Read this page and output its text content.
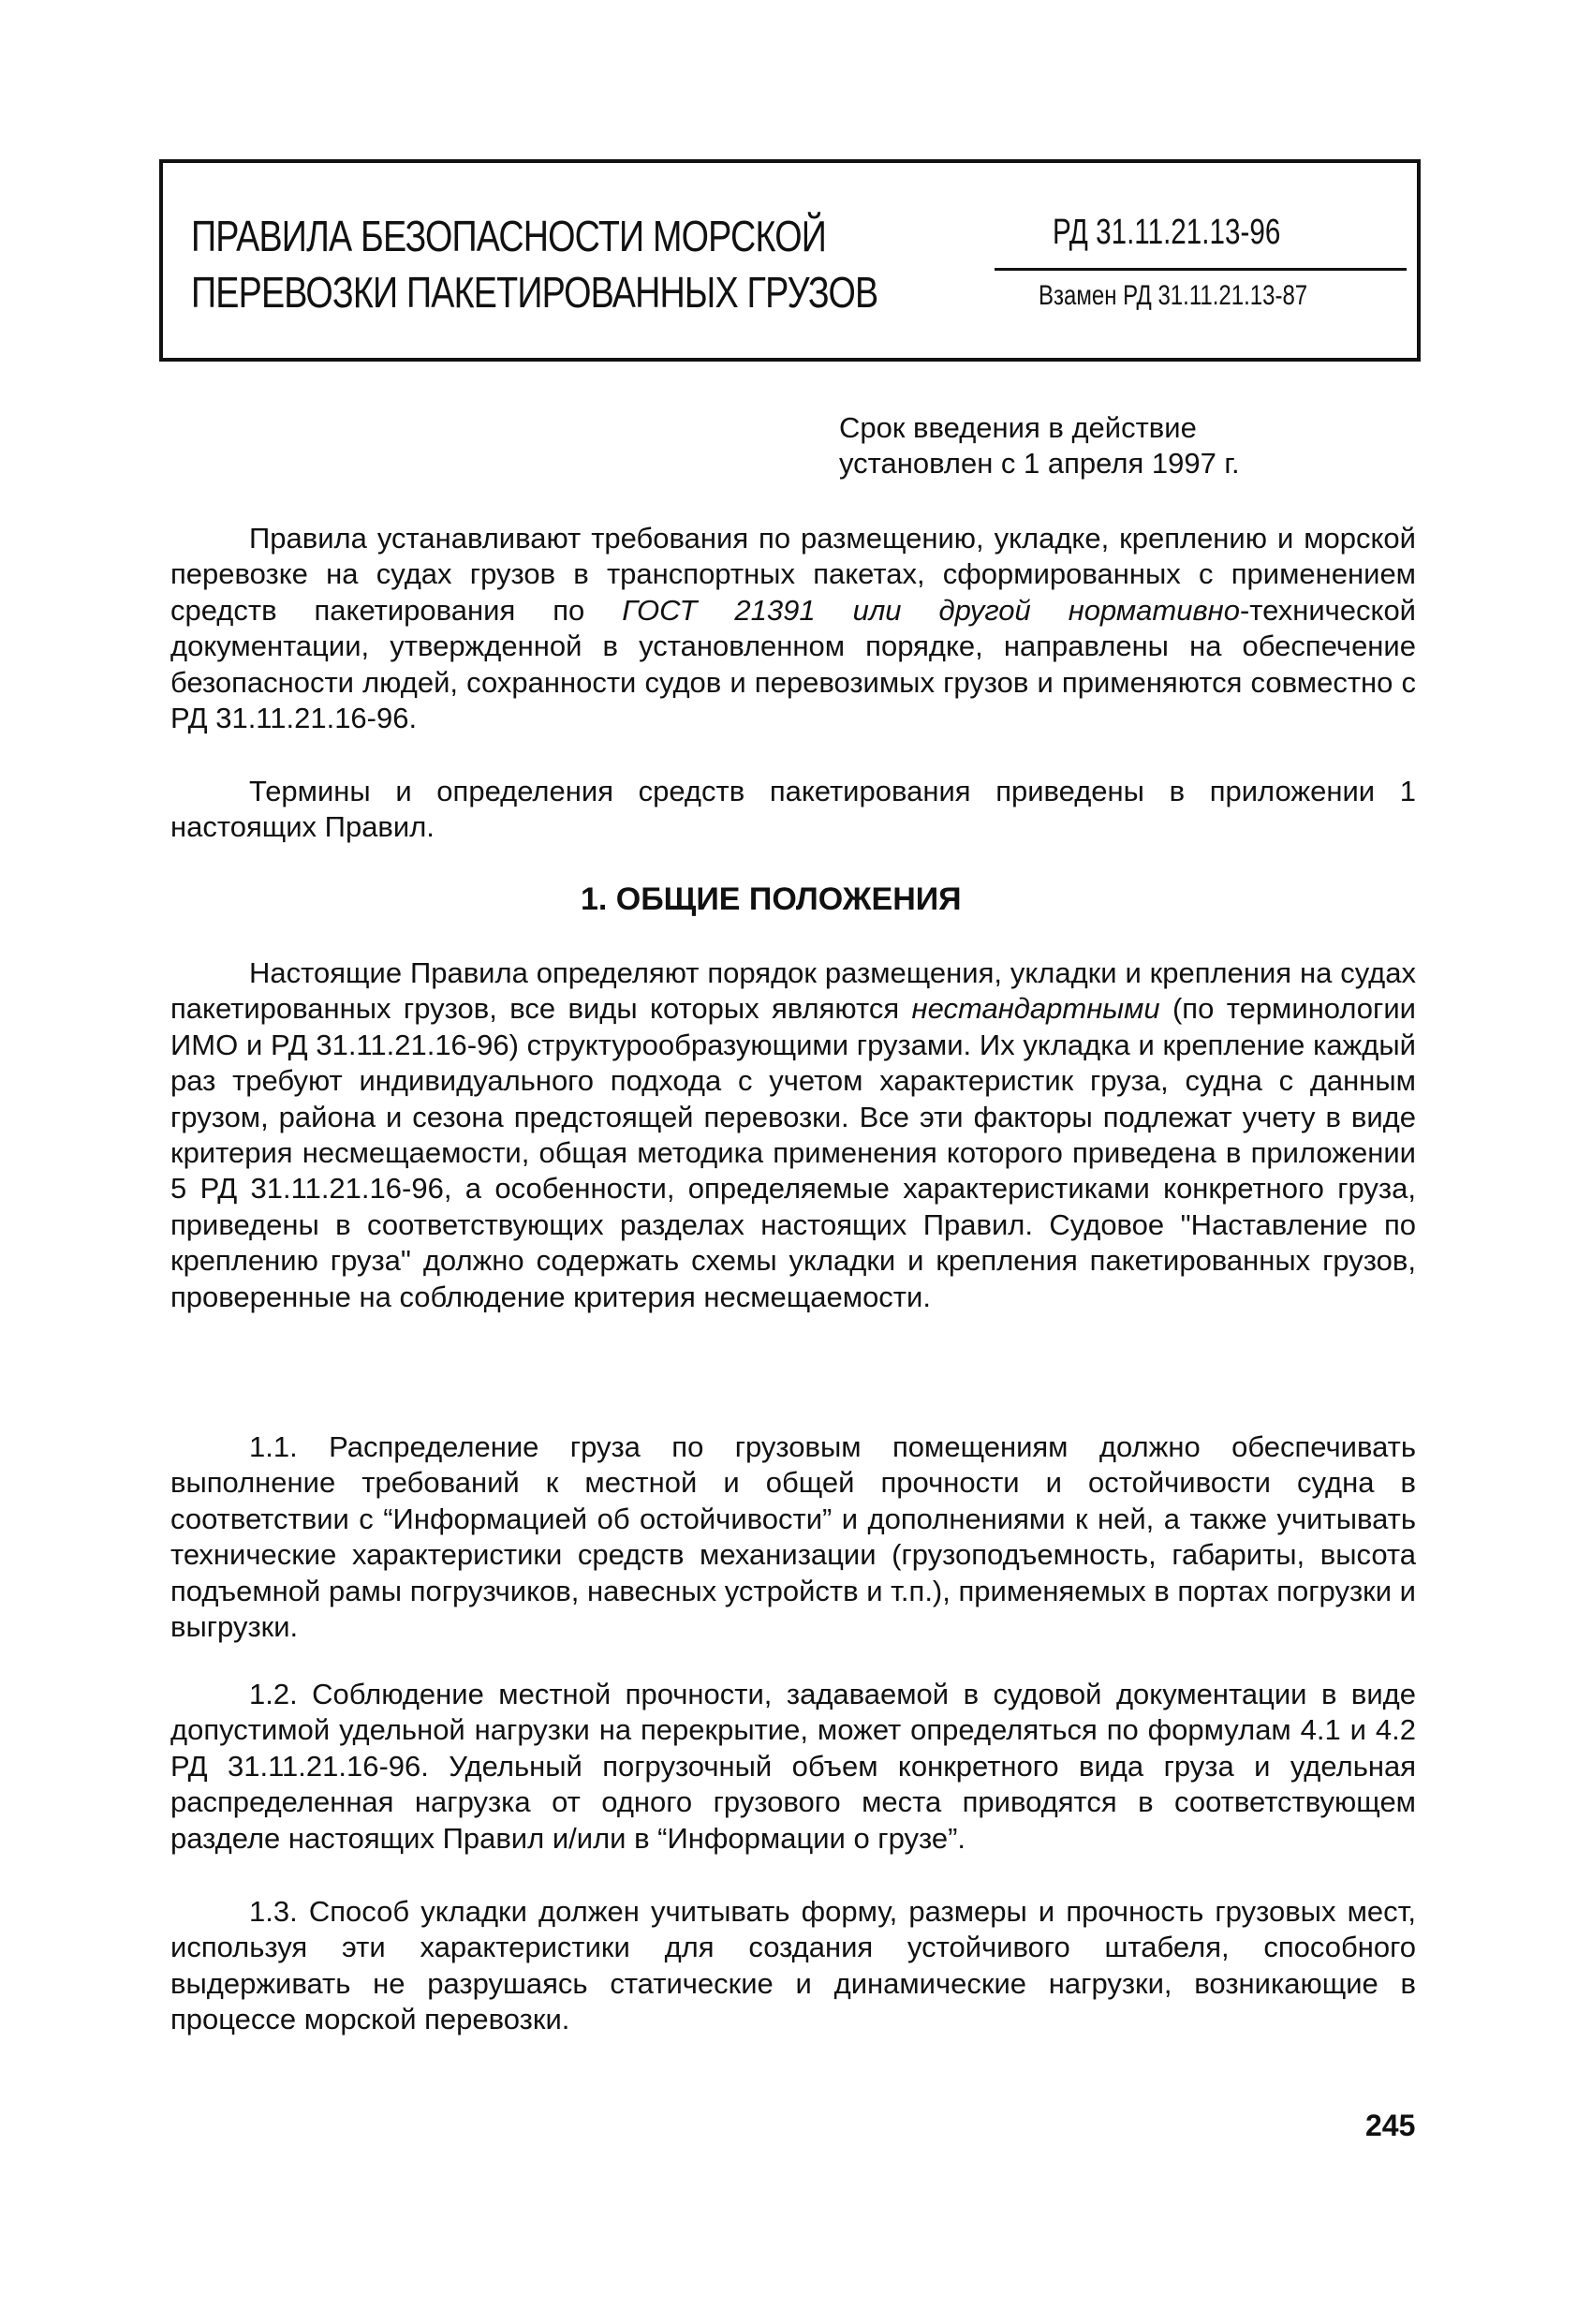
ПРАВИЛА БЕЗОПАСНОСТИ МОРСКОЙ
ПЕРЕВОЗКИ ПАКЕТИРОВАННЫХ ГРУЗОВ
РД 31.11.21.13-96
Взамен РД 31.11.21.13-87
Срок введения в действие
установлен с 1 апреля 1997 г.

Правила устанавливают требования по размещению, укладке, креплению и морской перевозке на судах грузов в транспортных пакетах, сформированных с применением средств пакетирования по ГОСТ 21391 или другой нормативно-технической документации, утвержденной в установленном порядке, направлены на обеспечение безопасности людей, сохранности судов и перевозимых грузов и применяются совместно с РД 31.11.21.16-96.

Термины и определения средств пакетирования приведены в приложении 1 настоящих Правил.

1. ОБЩИЕ ПОЛОЖЕНИЯ

Настоящие Правила определяют порядок размещения, укладки и крепления на судах пакетированных грузов, все виды которых являются нестандартными (по терминологии ИМО и РД 31.11.21.16-96) структурообразующими грузами. Их укладка и крепление каждый раз требуют индивидуального подхода с учетом характеристик груза, судна с данным грузом, района и сезона предстоящей перевозки. Все эти факторы подлежат учету в виде критерия несмещаемости, общая методика применения которого приведена в приложении 5 РД 31.11.21.16-96, а особенности, определяемые характеристиками конкретного груза, приведены в соответствующих разделах настоящих Правил. Судовое "Наставление по креплению груза" должно содержать схемы укладки и крепления пакетированных грузов, проверенные на соблюдение критерия несмещаемости.

1.1. Распределение груза по грузовым помещениям должно обеспечивать выполнение требований к местной и общей прочности и остойчивости судна в соответствии с “Информацией об остойчивости” и дополнениями к ней, а также учитывать технические характеристики средств механизации (грузоподъемность, габариты, высота подъемной рамы погрузчиков, навесных устройств и т.п.), применяемых в портах погрузки и выгрузки.

1.2. Соблюдение местной прочности, задаваемой в судовой документации в виде допустимой удельной нагрузки на перекрытие, может определяться по формулам 4.1 и 4.2 РД 31.11.21.16-96. Удельный погрузочный объем конкретного вида груза и удельная распределенная нагрузка от одного грузового места приводятся в соответствующем разделе настоящих Правил и/или в “Информации о грузе”.

1.3. Способ укладки должен учитывать форму, размеры и прочность грузовых мест, используя эти характеристики для создания устойчивого штабеля, способного выдерживать не разрушаясь статические и динамические нагрузки, возникающие в процессе морской перевозки.

245
